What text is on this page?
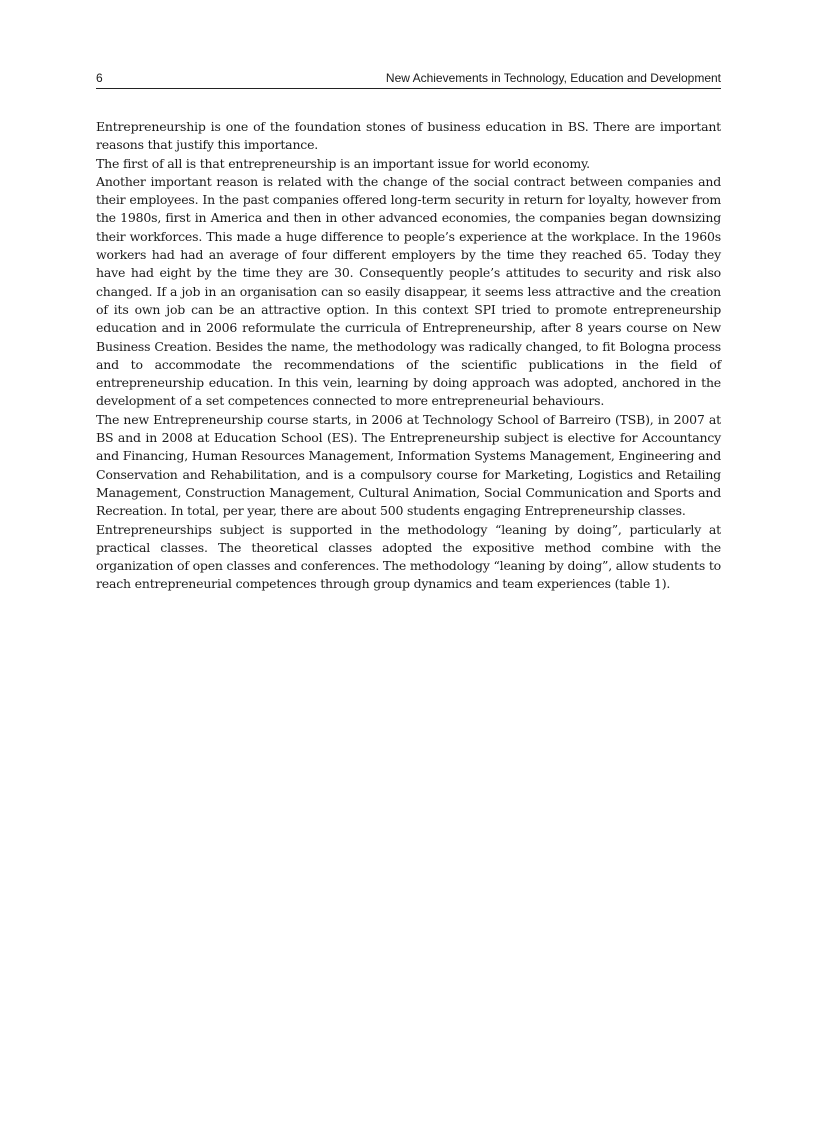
6	New Achievements in Technology, Education and Development

Entrepreneurship is one of the foundation stones of business education in BS. There are important reasons that justify this importance.

The first of all is that entrepreneurship is an important issue for world economy.

Another important reason is related with the change of the social contract between companies and their employees. In the past companies offered long-term security in return for loyalty, however from the 1980s, first in America and then in other advanced economies, the companies began downsizing their workforces. This made a huge difference to people’s experience at the workplace. In the 1960s workers had had an average of four different employers by the time they reached 65. Today they have had eight by the time they are 30. Consequently people’s attitudes to security and risk also changed. If a job in an organisation can so easily disappear, it seems less attractive and the creation of its own job can be an attractive option. In this context SPI tried to promote entrepreneurship education and in 2006 reformulate the curricula of Entrepreneurship, after 8 years course on New Business Creation. Besides the name, the methodology was radically changed, to fit Bologna process and to accommodate the recommendations of the scientific publications in the field of entrepreneurship education. In this vein, learning by doing approach was adopted, anchored in the development of a set competences connected to more entrepreneurial behaviours.

The new Entrepreneurship course starts, in 2006 at Technology School of Barreiro (TSB), in 2007 at BS and in 2008 at Education School (ES). The Entrepreneurship subject is elective for Accountancy and Financing, Human Resources Management, Information Systems Management, Engineering and Conservation and Rehabilitation, and is a compulsory course for Marketing, Logistics and Retailing Management, Construction Management, Cultural Animation, Social Communication and Sports and Recreation. In total, per year, there are about 500 students engaging Entrepreneurship classes.

Entrepreneurships subject is supported in the methodology “leaning by doing”, particularly at practical classes. The theoretical classes adopted the expositive method combine with the organization of open classes and conferences. The methodology “leaning by doing”, allow students to reach entrepreneurial competences through group dynamics and team experiences (table 1).
